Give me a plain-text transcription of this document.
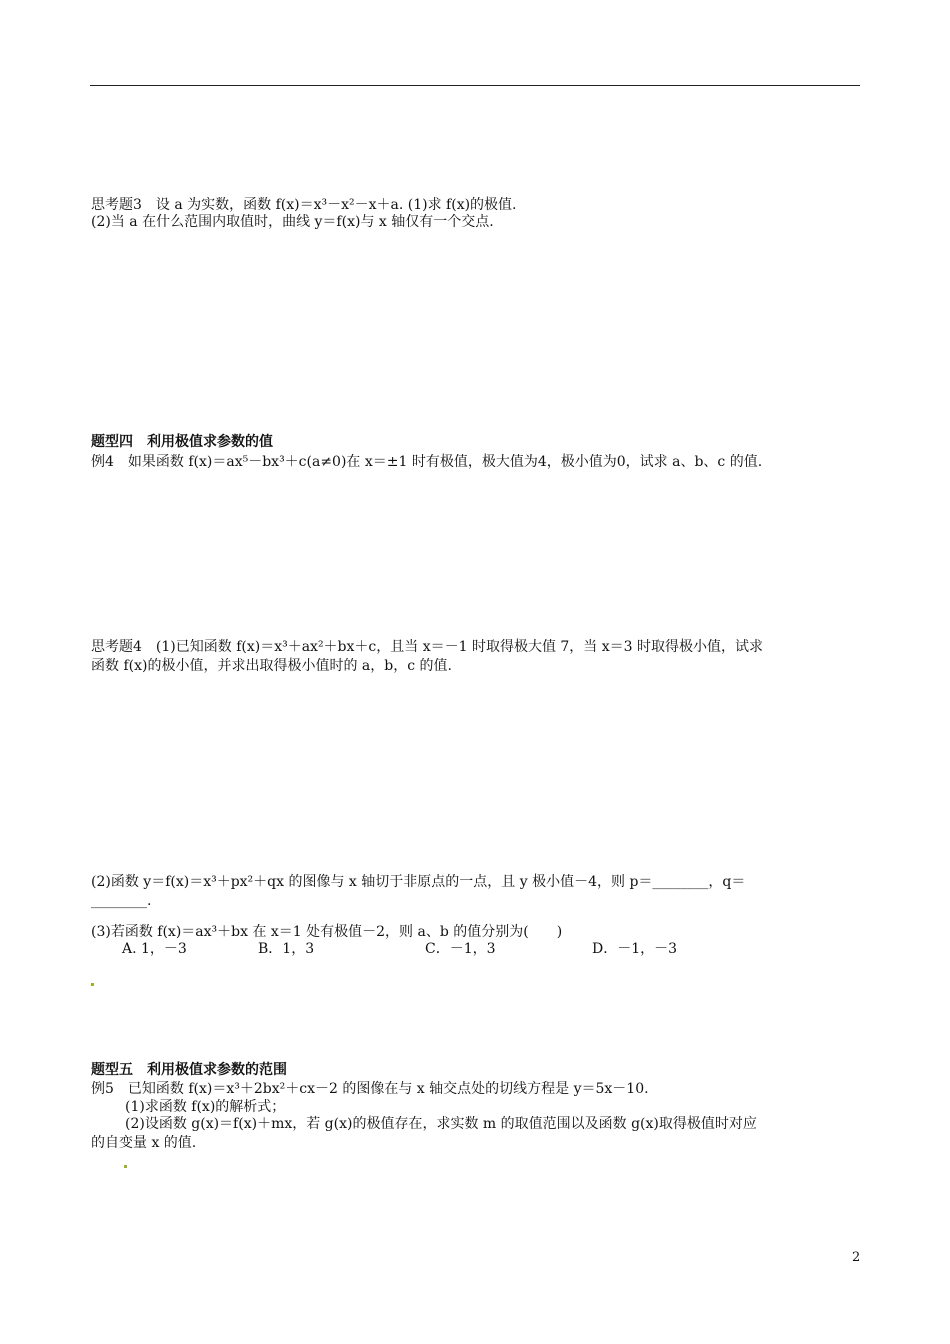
思考题3　设 a 为实数，函数 f(x)＝x³－x²－x＋a. (1)求 f(x)的极值.
(2)当 a 在什么范围内取值时，曲线 y＝f(x)与 x 轴仅有一个交点.
题型四　利用极值求参数的值
例4　如果函数 f(x)＝ax⁵－bx³＋c(a≠0)在 x＝±1 时有极值，极大值为4，极小值为0，试求 a、b、c 的值.
思考题4　(1)已知函数 f(x)＝x³＋ax²＋bx＋c，且当 x＝－1 时取得极大值 7，当 x＝3 时取得极小值，试求
函数 f(x)的极小值，并求出取得极小值时的 a，b，c 的值.
(2)函数 y＝f(x)＝x³＋px²＋qx 的图像与 x 轴切于非原点的一点，且 y 极小值－4，则 p＝________，q＝
________.
(3)若函数 f(x)＝ax³＋bx 在 x＝1 处有极值－2，则 a、b 的值分别为(　　)
A. 1，－3	B．1，3	C．－1，3	D．－1，－3
题型五　利用极值求参数的范围
例5　已知函数 f(x)＝x³＋2bx²＋cx－2 的图像在与 x 轴交点处的切线方程是 y＝5x－10.
(1)求函数 f(x)的解析式；
(2)设函数 g(x)＝f(x)＋mx，若 g(x)的极值存在，求实数 m 的取值范围以及函数 g(x)取得极值时对应
的自变量 x 的值.
2
